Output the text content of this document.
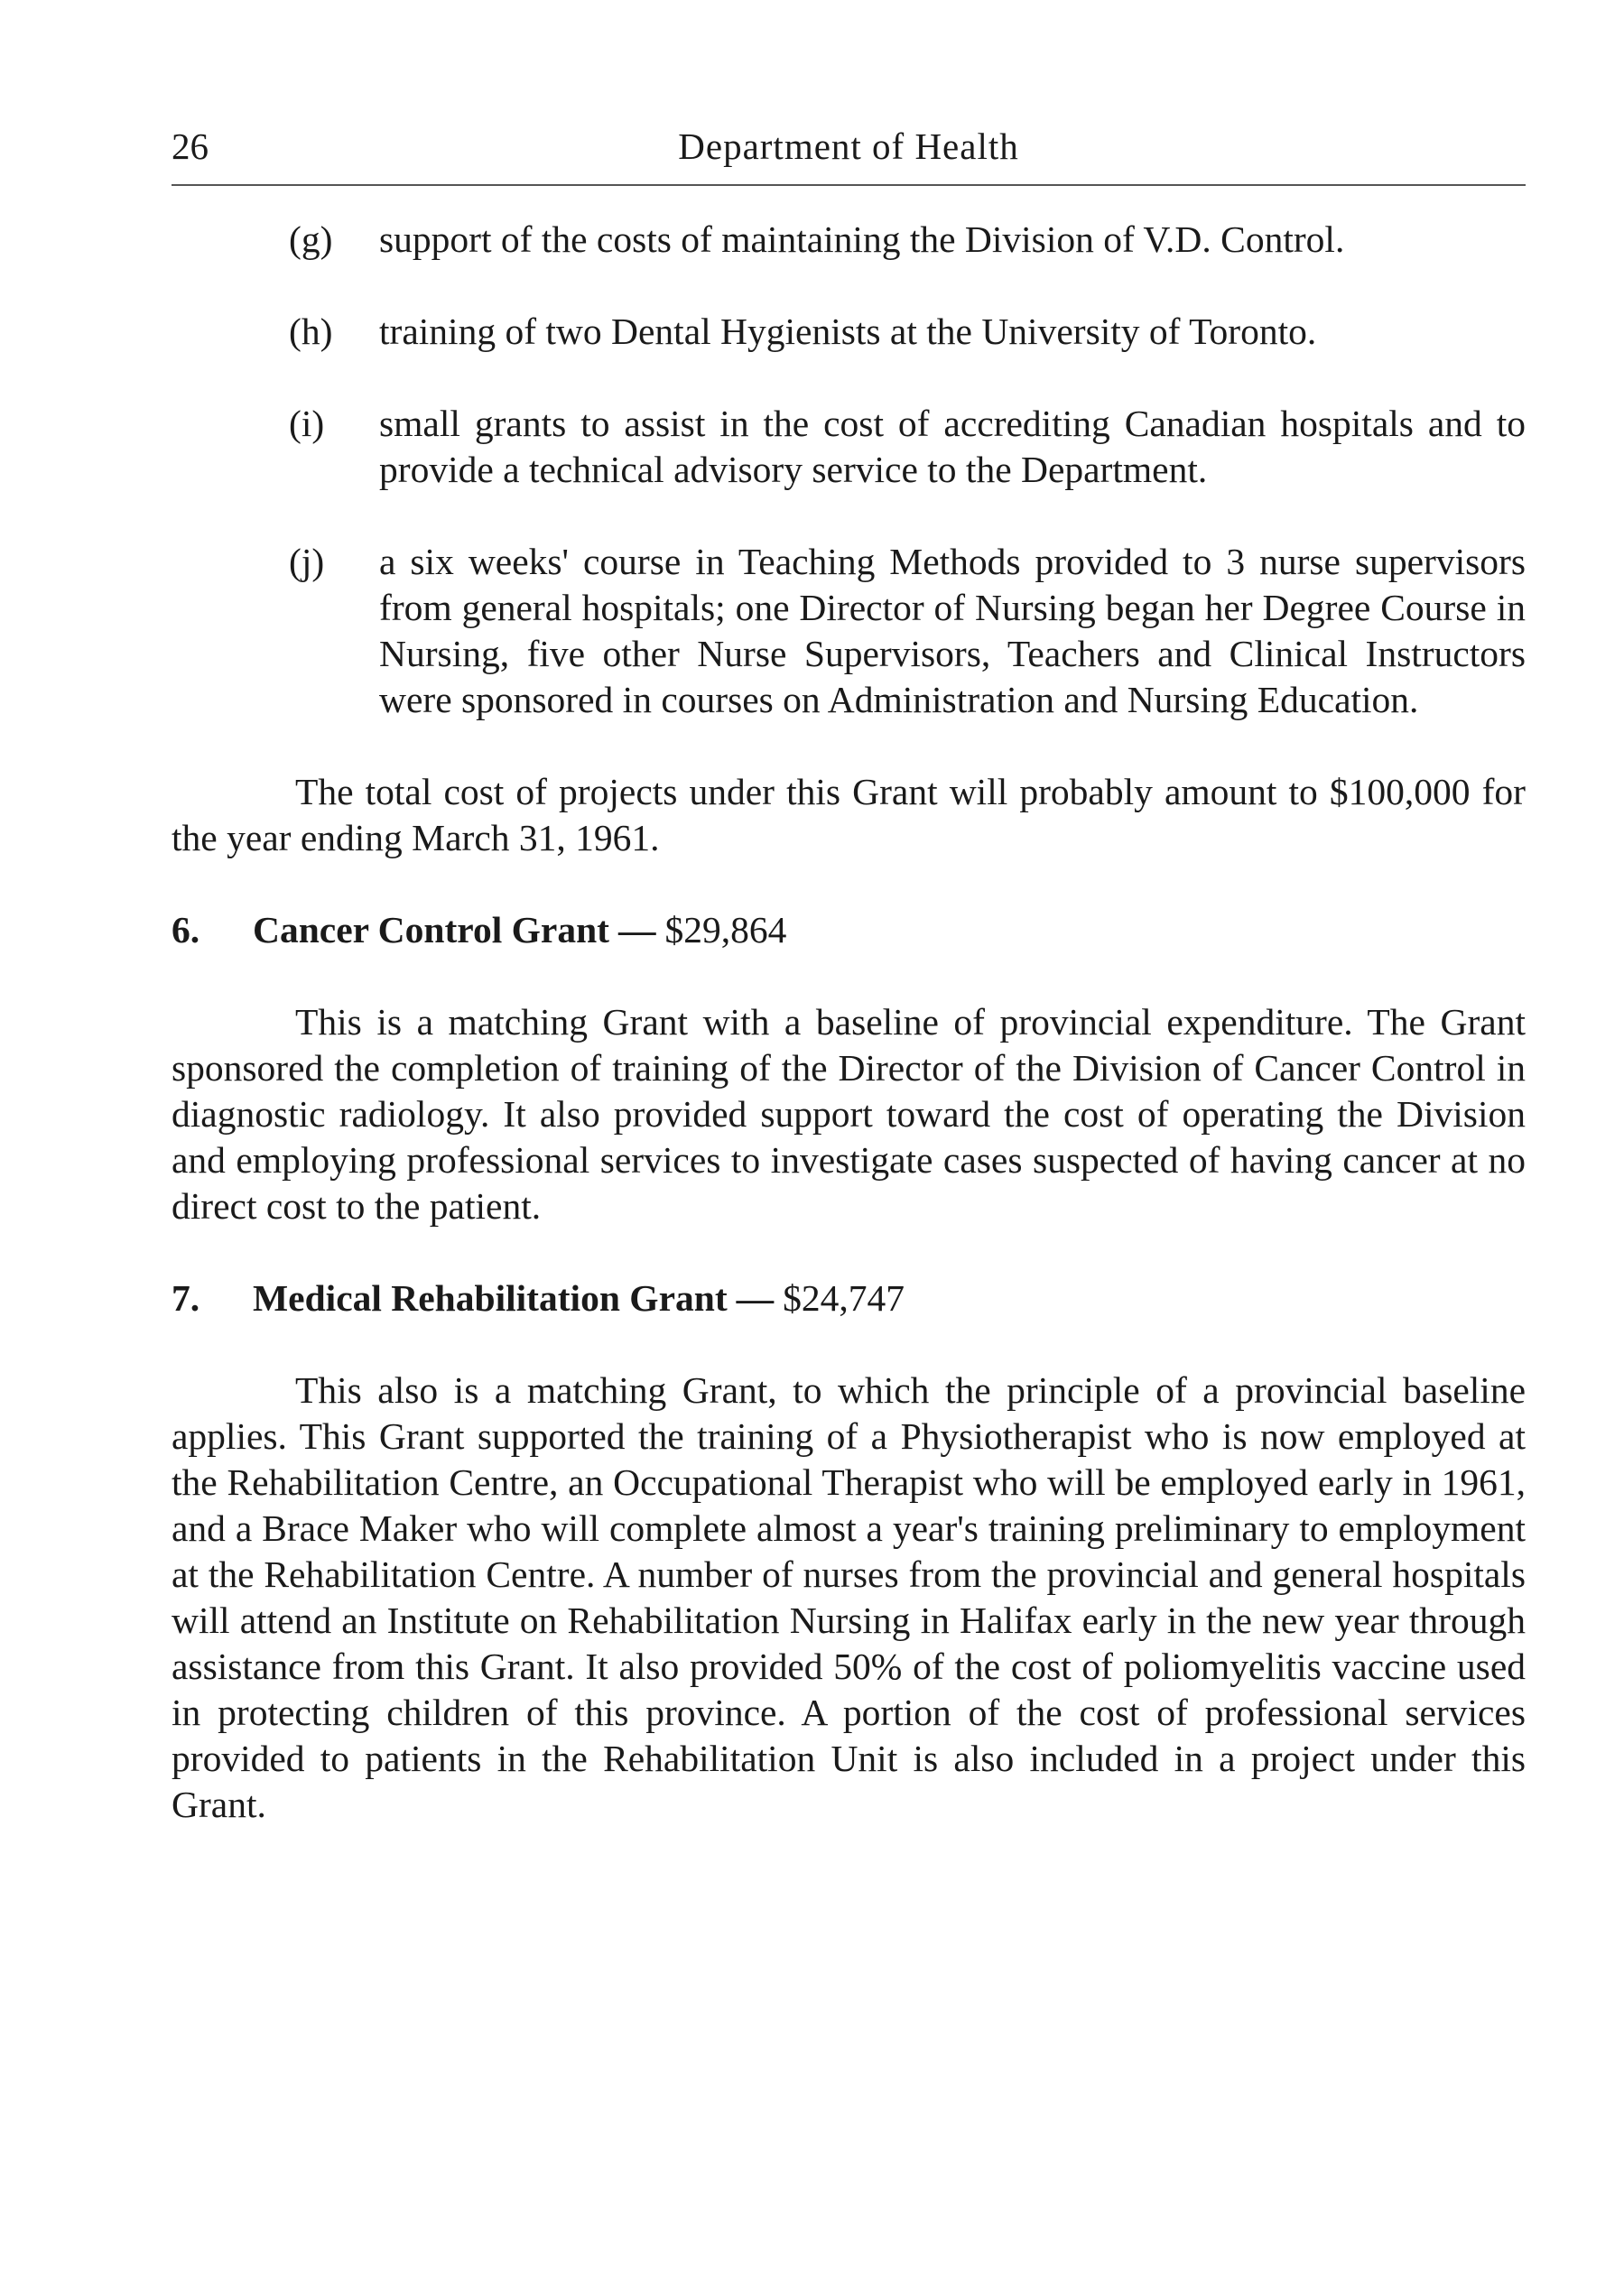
26	Department of Health
(g)	support of the costs of maintaining the Division of V.D. Control.
(h)	training of two Dental Hygienists at the University of Toronto.
(i)	small grants to assist in the cost of accrediting Canadian hospitals and to provide a technical advisory service to the Department.
(j)	a six weeks' course in Teaching Methods provided to 3 nurse supervisors from general hospitals; one Director of Nursing began her Degree Course in Nursing, five other Nurse Supervisors, Teachers and Clinical Instructors were sponsored in courses on Administration and Nursing Education.

The total cost of projects under this Grant will probably amount to $100,000 for the year ending March 31, 1961.

6. Cancer Control Grant — $29,864

This is a matching Grant with a baseline of provincial expenditure. The Grant sponsored the completion of training of the Director of the Division of Cancer Control in diagnostic radiology. It also provided support toward the cost of operating the Division and employing professional services to investigate cases suspected of having cancer at no direct cost to the patient.

7. Medical Rehabilitation Grant — $24,747

This also is a matching Grant, to which the principle of a provincial baseline applies. This Grant supported the training of a Physiotherapist who is now employed at the Rehabilitation Centre, an Occupational Therapist who will be employed early in 1961, and a Brace Maker who will complete almost a year's training preliminary to employment at the Rehabilitation Centre. A number of nurses from the provincial and general hospitals will attend an Institute on Rehabilitation Nursing in Halifax early in the new year through assistance from this Grant. It also provided 50% of the cost of poliomyelitis vaccine used in protecting children of this province. A portion of the cost of professional services provided to patients in the Rehabilitation Unit is also included in a project under this Grant.
